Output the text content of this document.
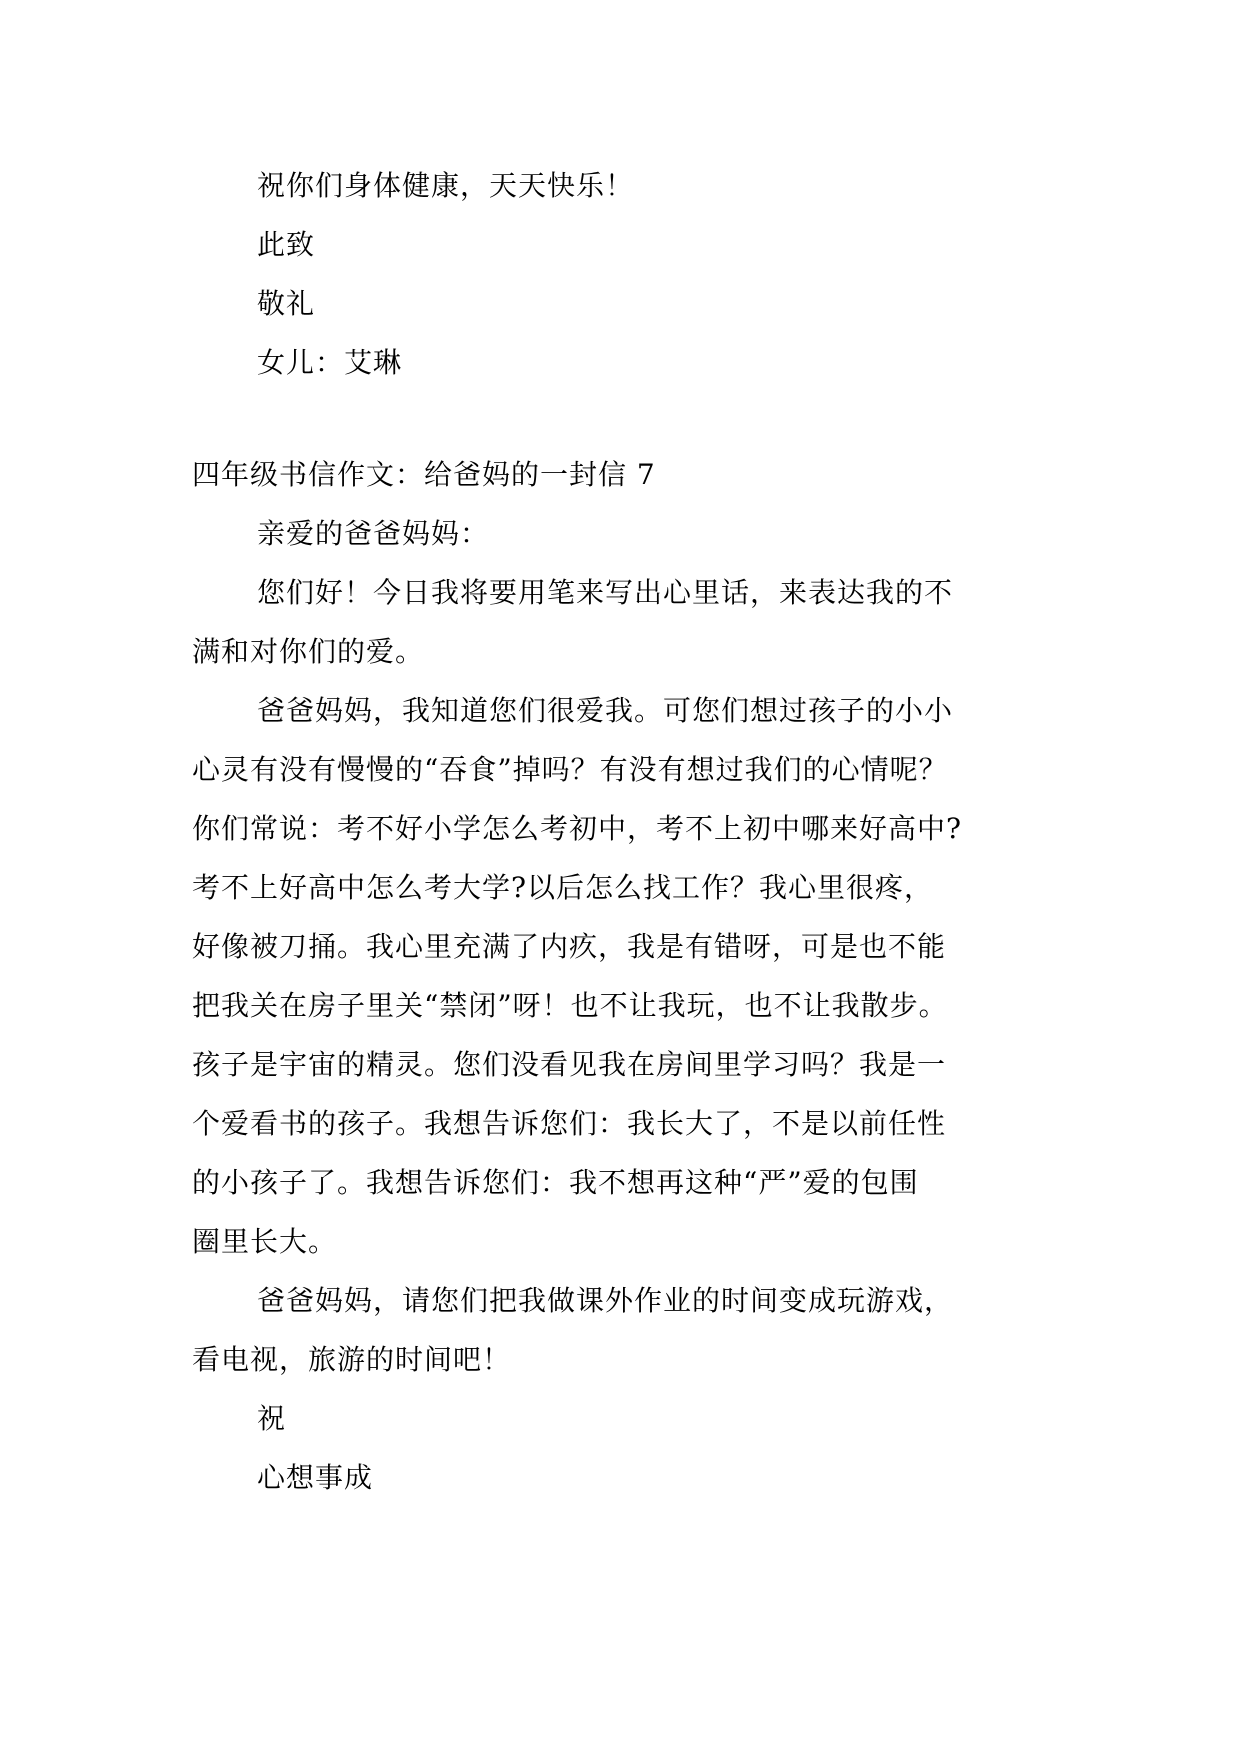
祝你们身体健康，天天快乐！
此致
敬礼
女儿：艾琳
四年级书信作文：给爸妈的一封信 7
亲爱的爸爸妈妈：
您们好！今日我将要用笔来写出心里话，来表达我的不
满和对你们的爱。
爸爸妈妈，我知道您们很爱我。可您们想过孩子的小小
心灵有没有慢慢的“吞食”掉吗？有没有想过我们的心情呢？
你们常说：考不好小学怎么考初中，考不上初中哪来好高中?
考不上好高中怎么考大学?以后怎么找工作？我心里很疼，
好像被刀捅。我心里充满了内疚，我是有错呀，可是也不能
把我关在房子里关“禁闭”呀！也不让我玩，也不让我散步。
孩子是宇宙的精灵。您们没看见我在房间里学习吗？我是一
个爱看书的孩子。我想告诉您们：我长大了，不是以前任性
的小孩子了。我想告诉您们：我不想再这种“严”爱的包围
圈里长大。
爸爸妈妈，请您们把我做课外作业的时间变成玩游戏，
看电视，旅游的时间吧！
祝
心想事成
